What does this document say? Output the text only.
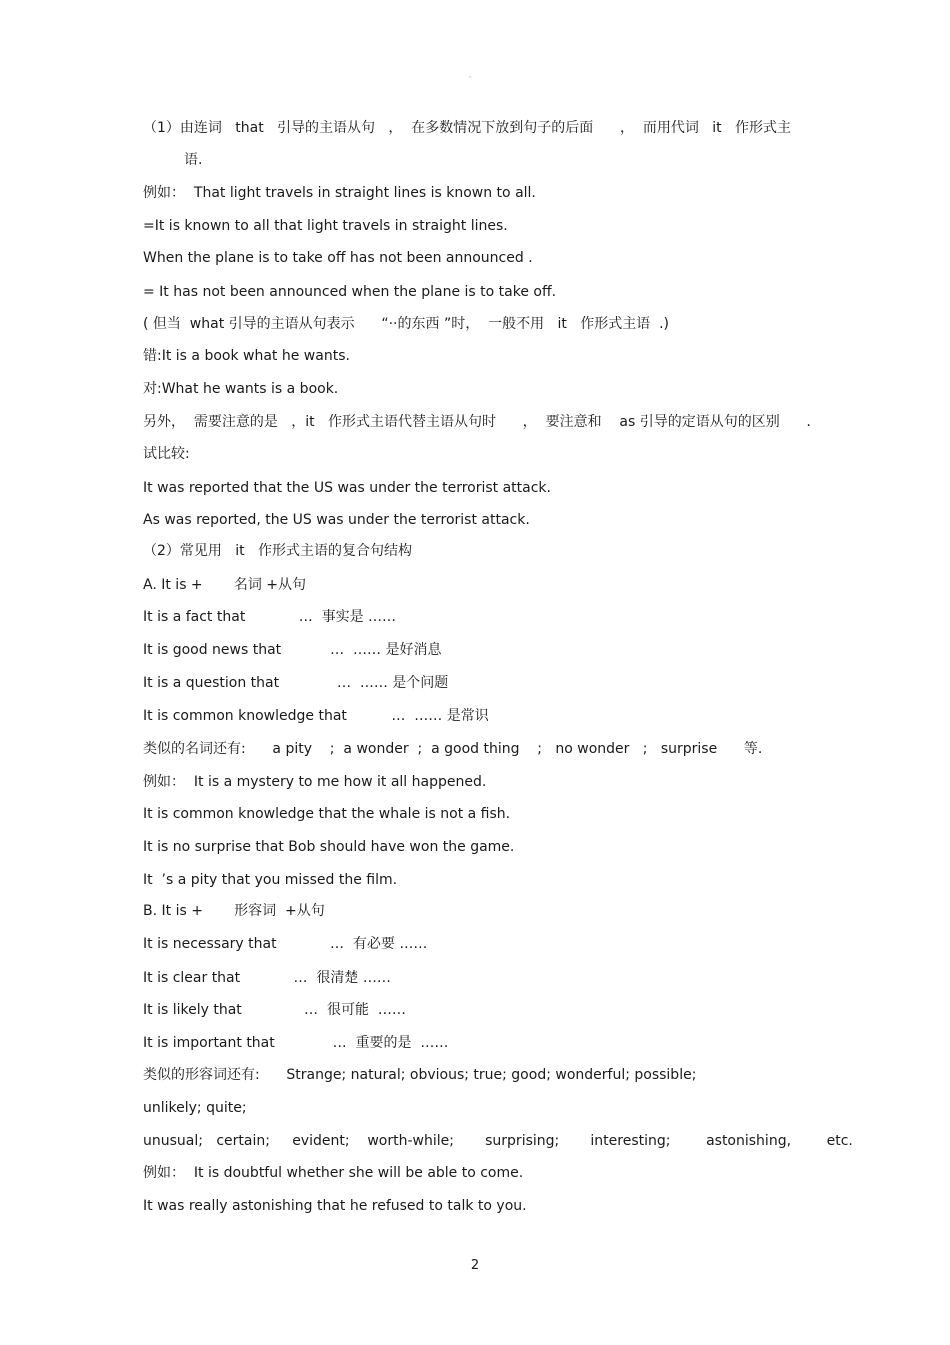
。
（1）由连词   that   引导的主语从句   ，  在多数情况下放到句子的后面      ，  而用代词   it   作形式主
语.
例如：  That light travels in straight lines is known to all.
=It is known to all that light travels in straight lines.
When the plane is to take off has not been announced .
= It has not been announced when the plane is to take off.
( 但当  what 引导的主语从句表示      “··的东西 ”时，  一般不用   it   作形式主语  .)
错:It is a book what he wants.
对:What he wants is a book.
另外，  需要注意的是   ，it   作形式主语代替主语从句时      ，  要注意和    as 引导的定语从句的区别      .
试比较:
It was reported that the US was under the terrorist attack.
As was reported, the US was under the terrorist attack.
（2）常见用   it   作形式主语的复合句结构
A. It is +       名词 +从句
It is a fact that            …  事实是 ……
It is good news that           …  …… 是好消息
It is a question that             …  …… 是个问题
It is common knowledge that          …  …… 是常识
类似的名词还有:      a pity    ;  a wonder  ;  a good thing    ;   no wonder   ;   surprise      等.
例如：  It is a mystery to me how it all happened.
It is common knowledge that the whale is not a fish.
It is no surprise that Bob should have won the game.
It  ’s a pity that you missed the film.
B. It is +       形容词  +从句
It is necessary that            …  有必要 ……
It is clear that            …  很清楚 ……
It is likely that              …  很可能  ……
It is important that             …  重要的是  ……
类似的形容词还有:      Strange; natural; obvious; true; good; wonderful; possible;
unlikely; quite;
unusual;   certain;     evident;    worth-while;       surprising;       interesting;        astonishing,        etc.
例如：  It is doubtful whether she will be able to come.
It was really astonishing that he refused to talk to you.
2
